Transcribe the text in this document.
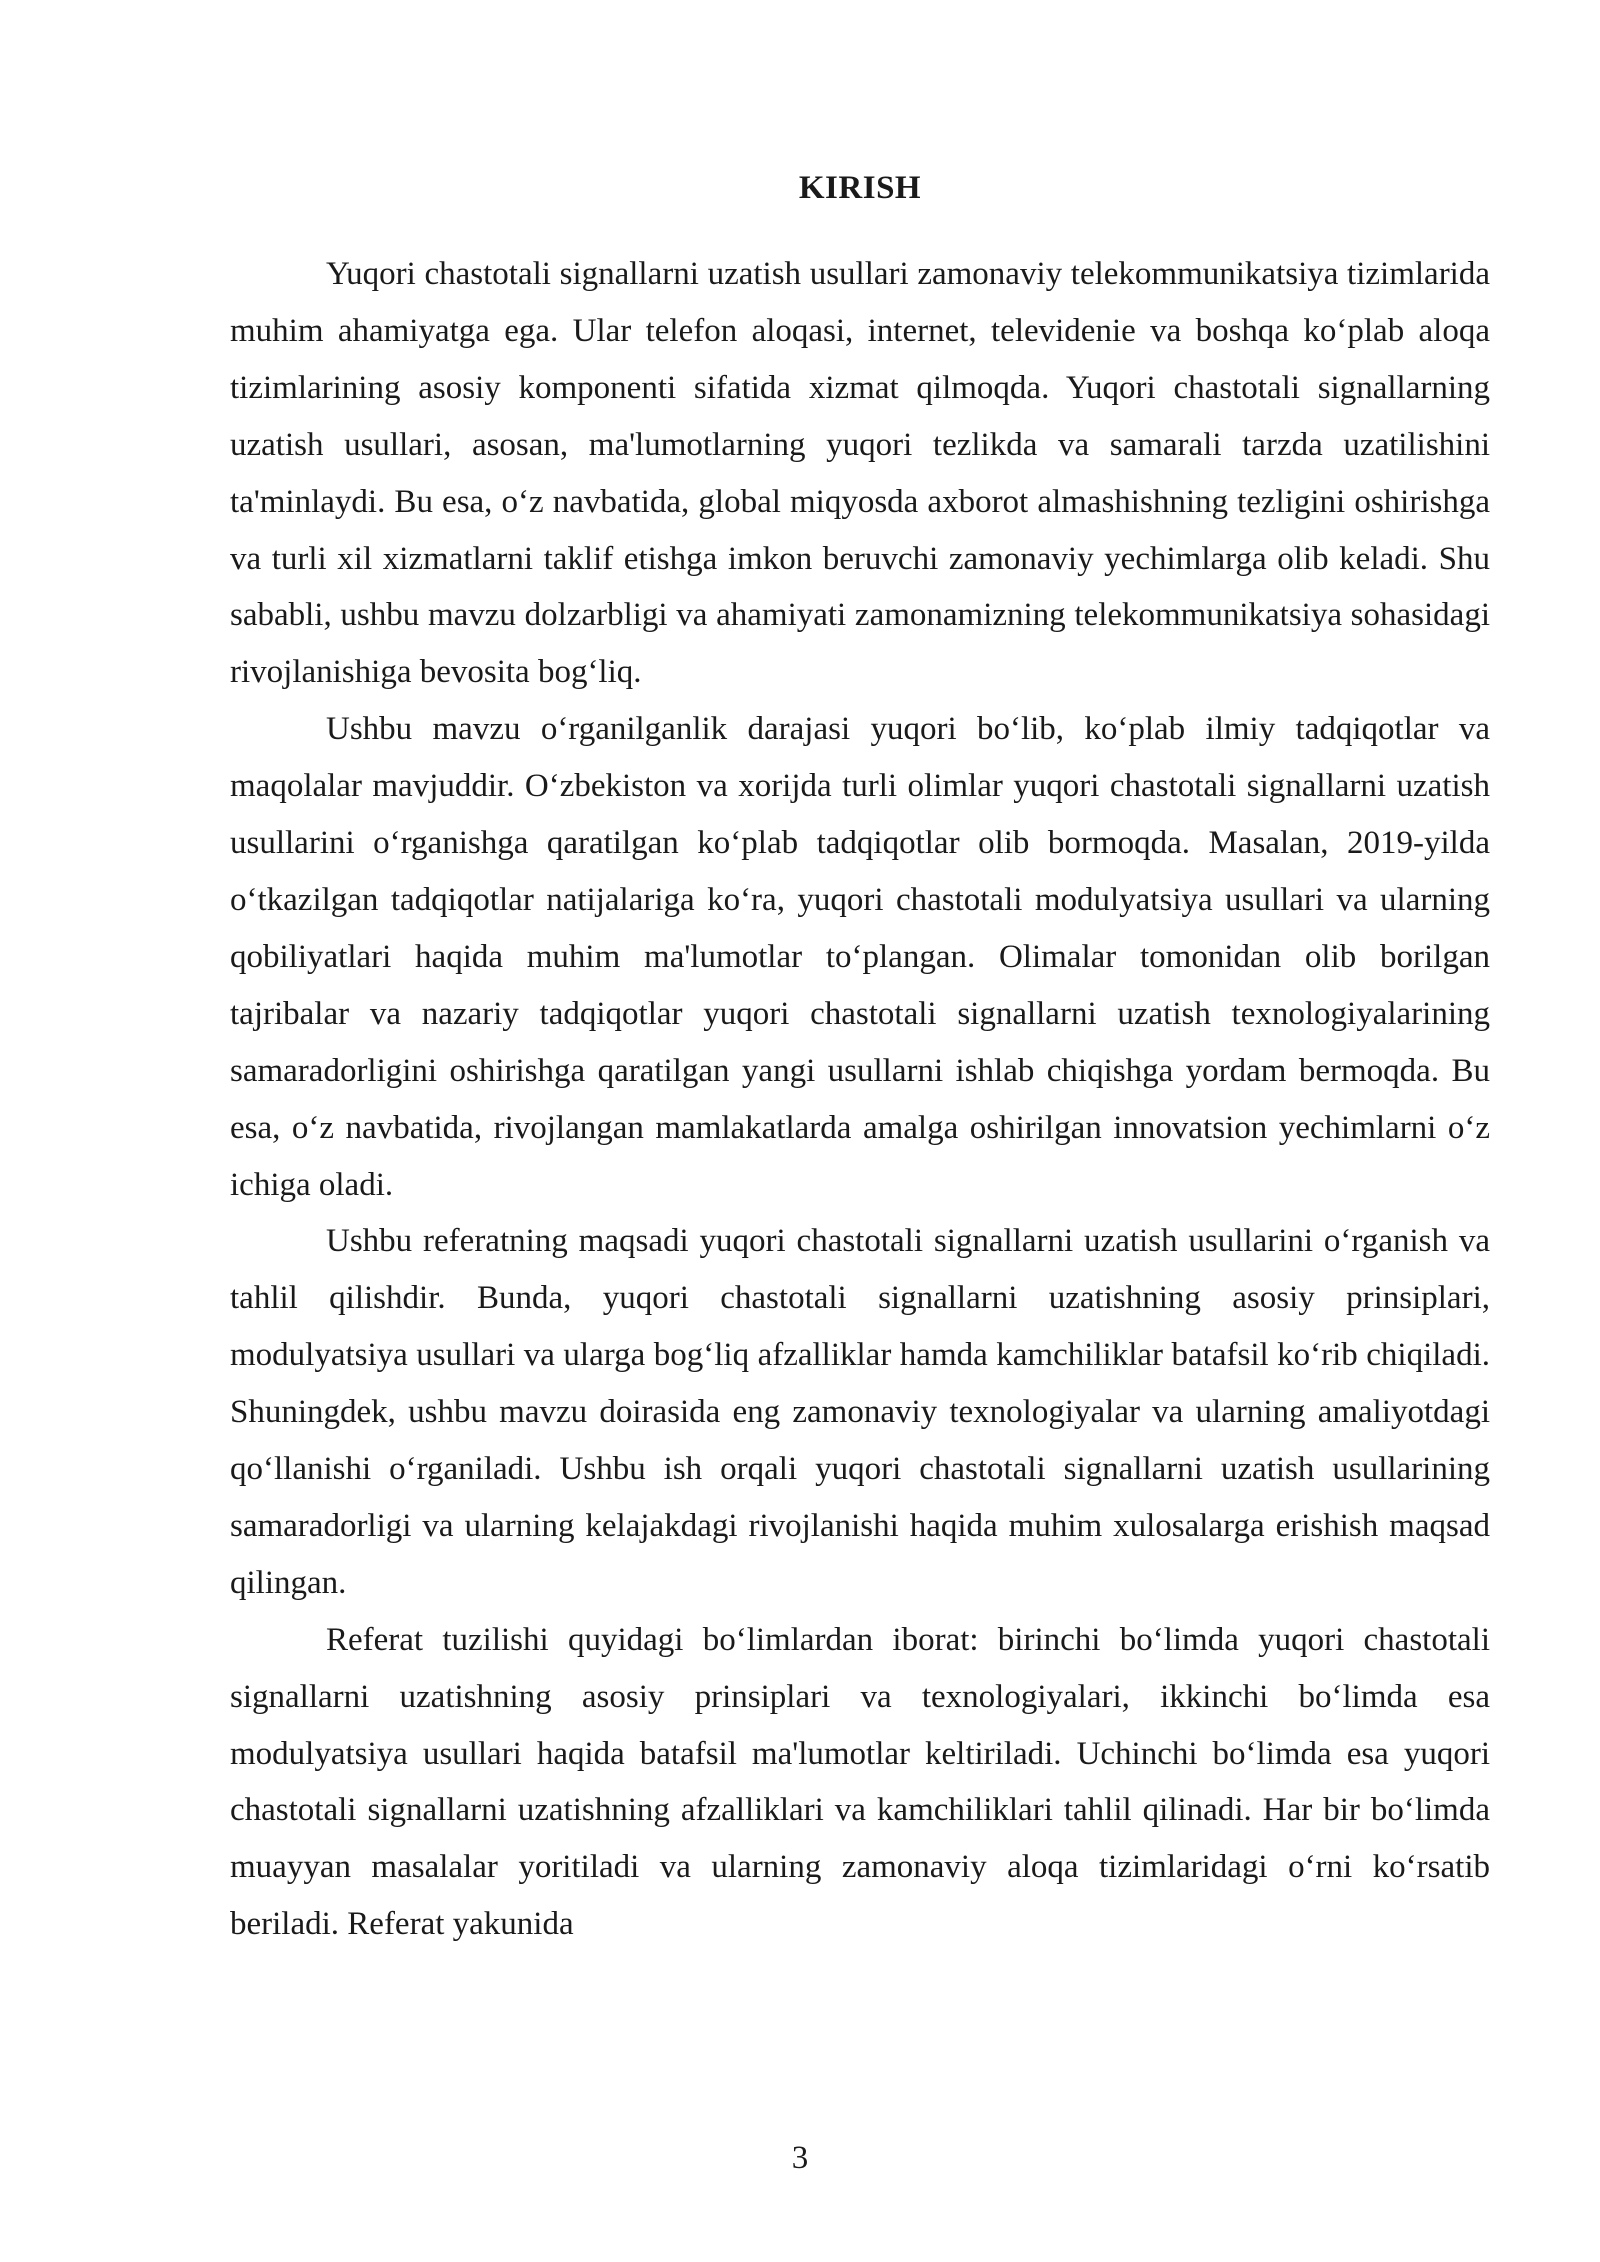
KIRISH

Yuqori chastotali signallarni uzatish usullari zamonaviy telekommunikatsiya tizimlarida muhim ahamiyatga ega. Ular telefon aloqasi, internet, televidenie va boshqa ko‘plab aloqa tizimlarining asosiy komponenti sifatida xizmat qilmoqda. Yuqori chastotali signallarning uzatish usullari, asosan, ma'lumotlarning yuqori tezlikda va samarali tarzda uzatilishini ta'minlaydi. Bu esa, o‘z navbatida, global miqyosda axborot almashishning tezligini oshirishga va turli xil xizmatlarni taklif etishga imkon beruvchi zamonaviy yechimlarga olib keladi. Shu sababli, ushbu mavzu dolzarbligi va ahamiyati zamonamizning telekommunikatsiya sohasidagi rivojlanishiga bevosita bog‘liq.

Ushbu mavzu o‘rganilganlik darajasi yuqori bo‘lib, ko‘plab ilmiy tadqiqotlar va maqolalar mavjuddir. O‘zbekiston va xorijda turli olimlar yuqori chastotali signallarni uzatish usullarini o‘rganishga qaratilgan ko‘plab tadqiqotlar olib bormoqda. Masalan, 2019-yilda o‘tkazilgan tadqiqotlar natijalariga ko‘ra, yuqori chastotali modulyatsiya usullari va ularning qobiliyatlari haqida muhim ma'lumotlar to‘plangan. Olimalar tomonidan olib borilgan tajribalar va nazariy tadqiqotlar yuqori chastotali signallarni uzatish texnologiyalarining samaradorligini oshirishga qaratilgan yangi usullarni ishlab chiqishga yordam bermoqda. Bu esa, o‘z navbatida, rivojlangan mamlakatlarda amalga oshirilgan innovatsion yechimlarni o‘z ichiga oladi.

Ushbu referatning maqsadi yuqori chastotali signallarni uzatish usullarini o‘rganish va tahlil qilishdir. Bunda, yuqori chastotali signallarni uzatishning asosiy prinsiplari, modulyatsiya usullari va ularga bog‘liq afzalliklar hamda kamchiliklar batafsil ko‘rib chiqiladi. Shuningdek, ushbu mavzu doirasida eng zamonaviy texnologiyalar va ularning amaliyotdagi qo‘llanishi o‘rganiladi. Ushbu ish orqali yuqori chastotali signallarni uzatish usullarining samaradorligi va ularning kelajakdagi rivojlanishi haqida muhim xulosalarga erishish maqsad qilingan.

Referat tuzilishi quyidagi bo‘limlardan iborat: birinchi bo‘limda yuqori chastotali signallarni uzatishning asosiy prinsiplari va texnologiyalari, ikkinchi bo‘limda esa modulyatsiya usullari haqida batafsil ma'lumotlar keltiriladi. Uchinchi bo‘limda esa yuqori chastotali signallarni uzatishning afzalliklari va kamchiliklari tahlil qilinadi. Har bir bo‘limda muayyan masalalar yoritiladi va ularning zamonaviy aloqa tizimlaridagi o‘rni ko‘rsatib beriladi. Referat yakunida

3
